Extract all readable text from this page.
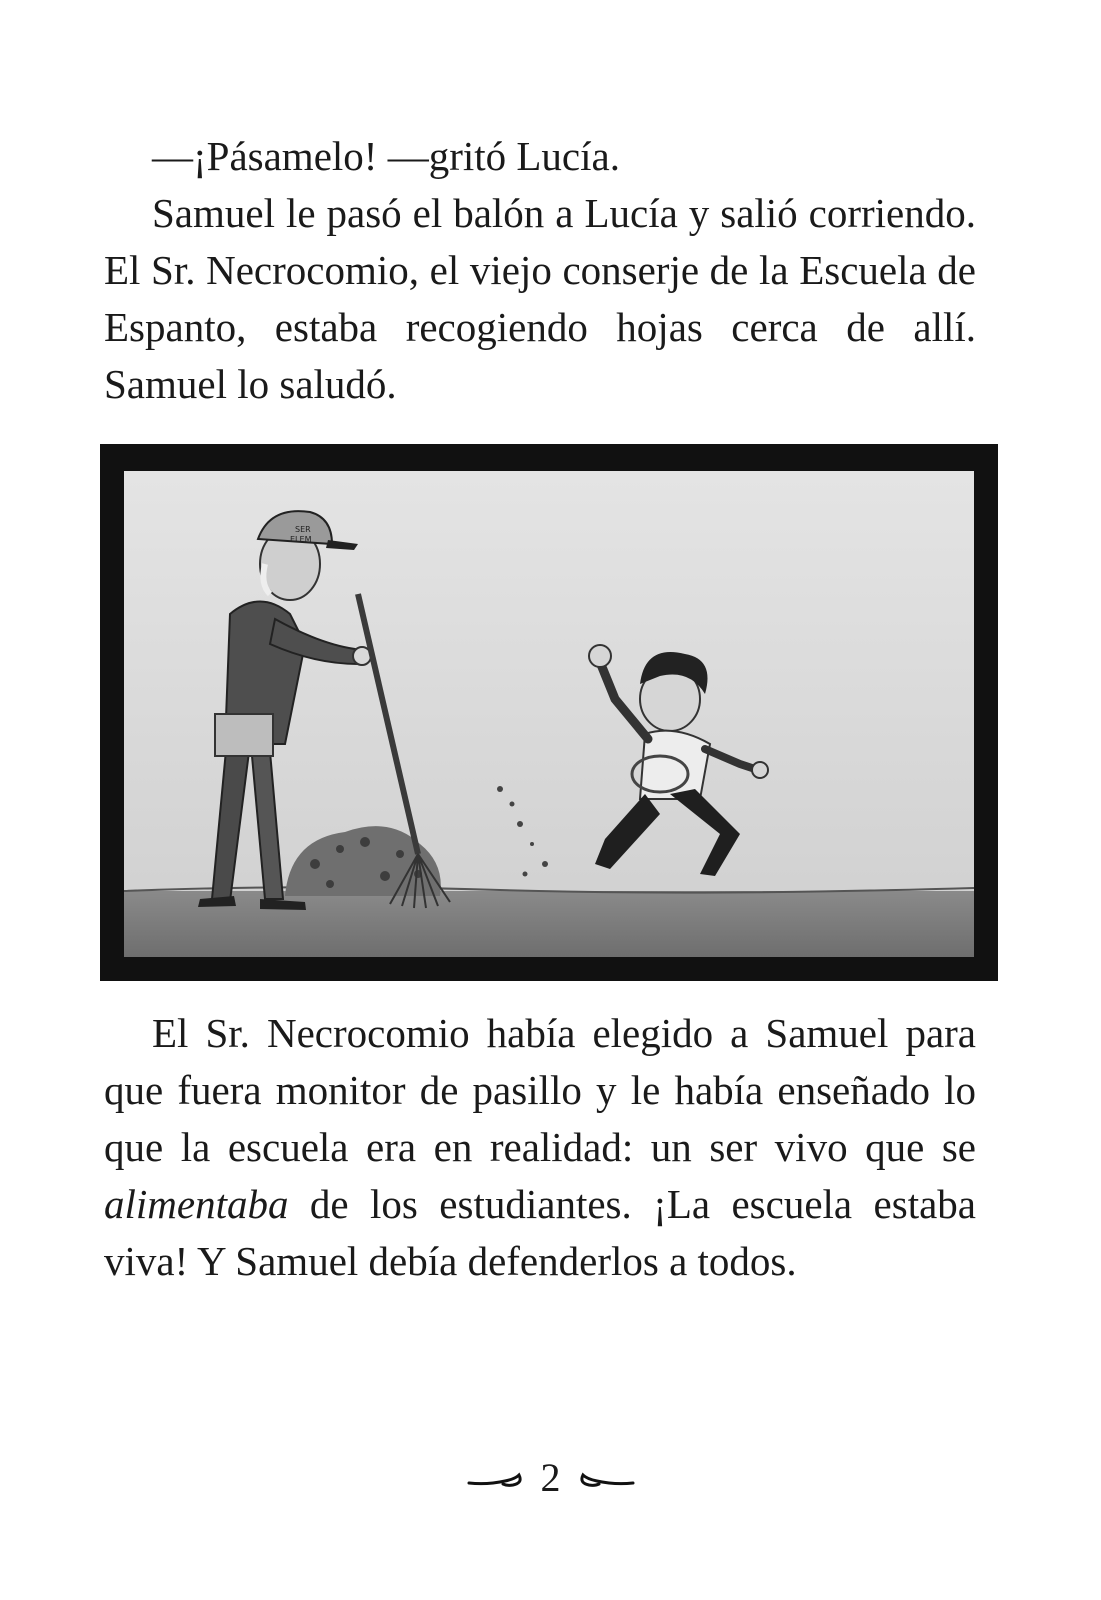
—¡Pásamelo! —gritó Lucía.

Samuel le pasó el balón a Lucía y salió corriendo. El Sr. Necrocomio, el viejo conserje de la Escuela de Espanto, estaba recogiendo hojas cerca de allí. Samuel lo saludó.

SER
ELEM

El Sr. Necrocomio había elegido a Samuel para que fuera monitor de pasillo y le había enseñado lo que la escuela era en realidad: un ser vivo que se alimentaba de los estudiantes. ¡La escuela estaba viva! Y Samuel debía defenderlos a todos.

2
